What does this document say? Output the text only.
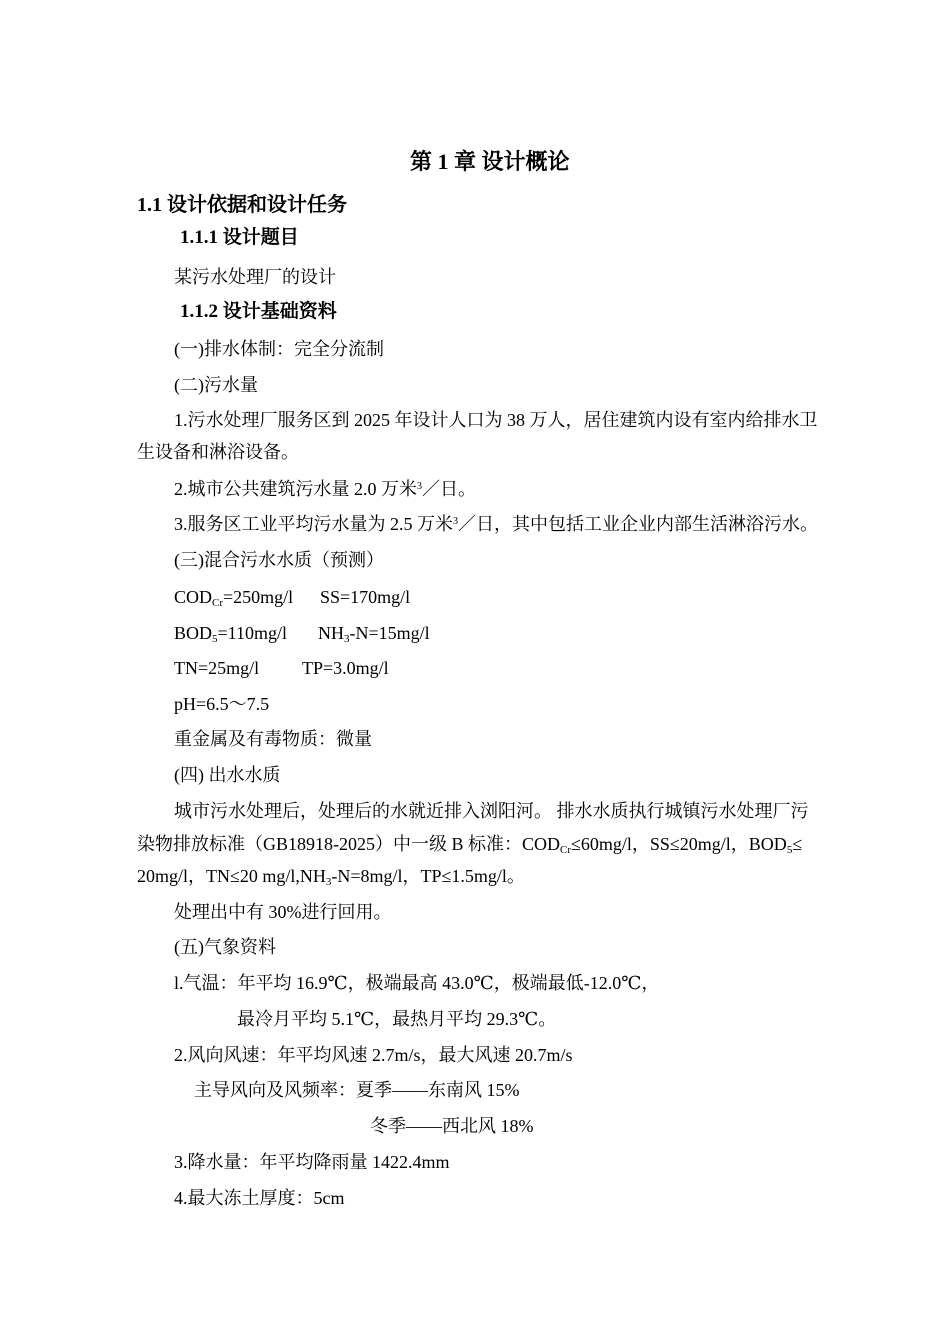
第 1 章 设计概论
1.1 设计依据和设计任务
1.1.1 设计题目
某污水处理厂的设计
1.1.2 设计基础资料
(一)排水体制：完全分流制
(二)污水量
1.污水处理厂服务区到 2025 年设计人口为 38 万人，居住建筑内设有室内给排水卫
生设备和淋浴设备。
2.城市公共建筑污水量 2.0 万米$^3$／日。
3.服务区工业平均污水量为 2.5 万米$^3$／日，其中包括工业企业内部生活淋浴污水。
(三)混合污水水质（预测）
$COD_{Cr}=250mg/l$ SS=170mg/l
$BOD_5=110mg/l$ $NH_3-N=15mg/l$
TN=25mg/l TP=3.0mg/l
pH=6.5～7.5
重金属及有毒物质：微量
(四) 出水水质
城市污水处理后，处理后的水就近排入浏阳河。 排水水质执行城镇污水处理厂污
染物排放标准（GB18918-2025）中一级 B 标准：$COD_{Cr}\le 60mg/l$，SS≤20mg/l，$BOD_5\le$
20mg/l，TN≤20 $mg/l,NH_3-N=8mg/l$，TP≤1.5mg/l。
处理出中有 30%进行回用。
(五)气象资料
l.气温：年平均 16.9℃，极端最高 43.0℃，极端最低-12.0℃，
最冷月平均 5.1℃，最热月平均 29.3℃。
2.风向风速：年平均风速 2.7m/s，最大风速 20.7m/s
主导风向及风频率：夏季——东南风 15%
冬季——西北风 18%
3.降水量：年平均降雨量 1422.4mm
4.最大冻土厚度：5cm
